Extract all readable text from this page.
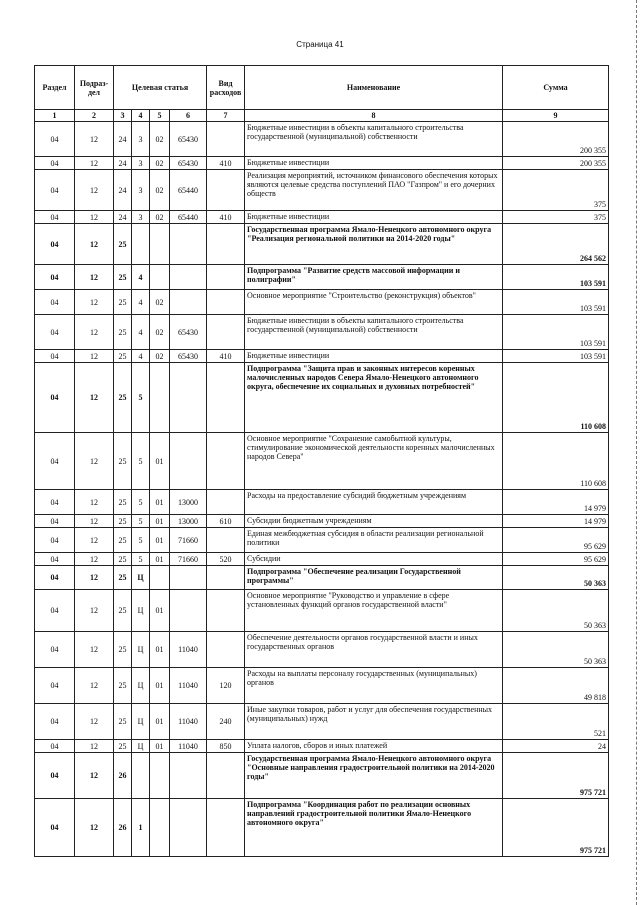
Страница 41
Раздел	Подраз-
дел	Целевая статья				Вид
расходов	Наименование	Сумма
1	2	3	4	5	6	7	8	9
04	12	24	3	02	65430		Бюджетные инвестиции в объекты капитального строительства государственной (муниципальной) собственности	200 355
04	12	24	3	02	65430	410	Бюджетные инвестиции	200 355
04	12	24	3	02	65440		Реализация мероприятий, источником финансового обеспечения которых являются целевые средства поступлений ПАО "Газпром" и его дочерних обществ	375
04	12	24	3	02	65440	410	Бюджетные инвестиции	375
04	12	25					Государственная программа Ямало-Ненецкого автономного округа "Реализация региональной политики на 2014-2020 годы"	264 562
04	12	25	4				Подпрограмма "Развитие средств массовой информации и полиграфии"	103 591
04	12	25	4	02			Основное мероприятие "Строительство (реконструкция) объектов"	103 591
04	12	25	4	02	65430		Бюджетные инвестиции в объекты капитального строительства государственной (муниципальной) собственности	103 591
04	12	25	4	02	65430	410	Бюджетные инвестиции	103 591
04	12	25	5				Подпрограмма "Защита прав и законных интересов коренных малочисленных народов Севера Ямало-Ненецкого автономного округа, обеспечение их социальных и духовных потребностей"	110 608
04	12	25	5	01			Основное мероприятие "Сохранение самобытной культуры, стимулирование экономической деятельности коренных малочисленных народов Севера"	110 608
04	12	25	5	01	13000		Расходы на предоставление субсидий бюджетным учреждениям	14 979
04	12	25	5	01	13000	610	Субсидии бюджетным учреждениям	14 979
04	12	25	5	01	71660		Единая межбюджетная субсидия в области реализации региональной политики	95 629
04	12	25	5	01	71660	520	Субсидии	95 629
04	12	25	Ц				Подпрограмма "Обеспечение реализации Государственной программы"	50 363
04	12	25	Ц	01			Основное мероприятие "Руководство и управление в сфере установленных функций органов государственной власти"	50 363
04	12	25	Ц	01	11040		Обеспечение деятельности органов государственной власти и иных государственных органов	50 363
04	12	25	Ц	01	11040	120	Расходы на выплаты персоналу государственных (муниципальных) органов	49 818
04	12	25	Ц	01	11040	240	Иные закупки товаров, работ и услуг для обеспечения государственных (муниципальных) нужд	521
04	12	25	Ц	01	11040	850	Уплата налогов, сборов и иных платежей	24
04	12	26					Государственная программа Ямало-Ненецкого автономного округа "Основные направления градостроительной политики на 2014-2020 годы"	975 721
04	12	26	1				Подпрограмма "Координация работ по реализации основных направлений градостроительной политики Ямало-Ненецкого автономного округа"	975 721
